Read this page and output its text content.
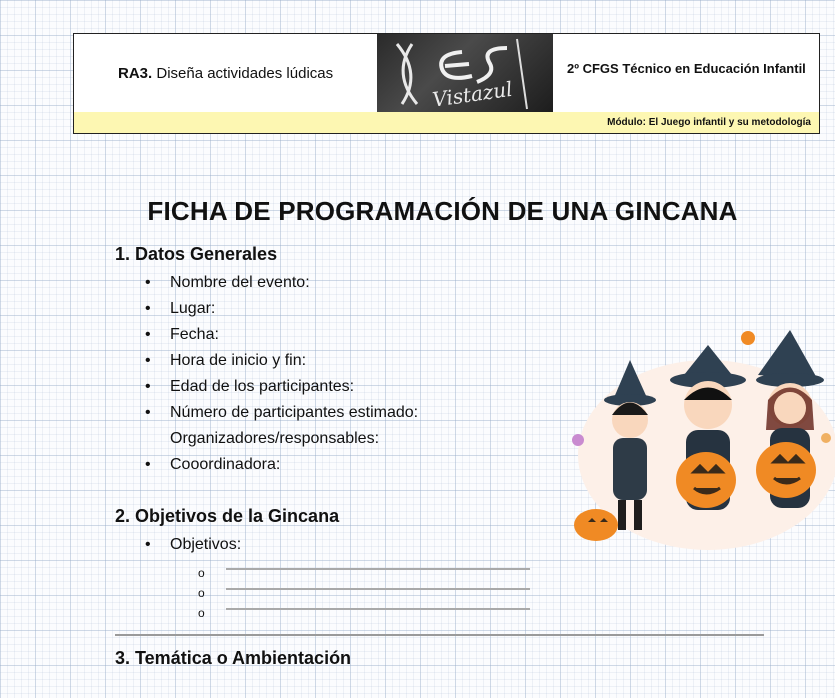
RA3. Diseña actividades lúdicas
Vistazul
2º CFGS Técnico en Educación Infantil
Módulo: El Juego infantil y su metodología
FICHA DE PROGRAMACIÓN DE UNA GINCANA
1. Datos Generales
• Nombre del evento:
• Lugar:
• Fecha:
• Hora de inicio y fin:
• Edad de los participantes:
• Número de participantes estimado:
Organizadores/responsables:
• Cooordinadora:
2. Objetivos de la Gincana
• Objetivos:
o
o
o
3. Temática o Ambientación
